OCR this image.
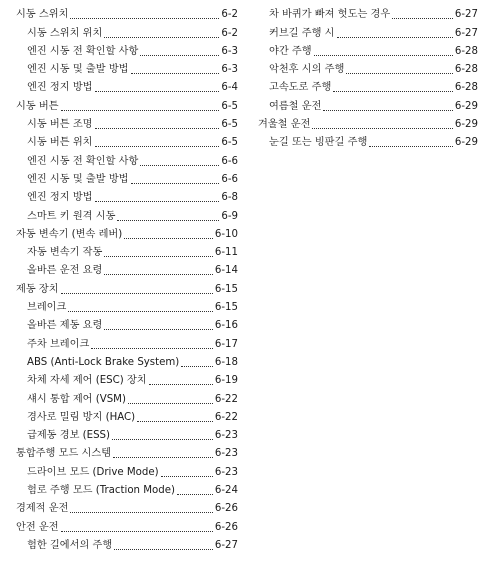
시동 스위치	6-2
시동 스위치 위치	6-2
엔진 시동 전 확인할 사항	6-3
엔진 시동 및 출발 방법	6-3
엔진 정지 방법	6-4
시동 버튼	6-5
시동 버튼 조명	6-5
시동 버튼 위치	6-5
엔진 시동 전 확인할 사항	6-6
엔진 시동 및 출발 방법	6-6
엔진 정지 방법	6-8
스마트 키 원격 시동	6-9
자동 변속기 (변속 레버)	6-10
자동 변속기 작동	6-11
올바른 운전 요령	6-14
제동 장치	6-15
브레이크	6-15
올바른 제동 요령	6-16
주차 브레이크	6-17
ABS (Anti-Lock Brake System)	6-18
차체 자세 제어 (ESC) 장치	6-19
섀시 통합 제어 (VSM)	6-22
경사로 밀림 방지 (HAC)	6-22
급제동 경보 (ESS)	6-23
통합주행 모드 시스템	6-23
드라이브 모드 (Drive Mode)	6-23
험로 주행 모드 (Traction Mode)	6-24
경제적 운전	6-26
안전 운전	6-26
험한 길에서의 주행	6-27
차 바퀴가 빠져 헛도는 경우	6-27
커브길 주행 시	6-27
야간 주행	6-28
악천후 시의 주행	6-28
고속도로 주행	6-28
여름철 운전	6-29
겨울철 운전	6-29
눈길 또는 빙판길 주행	6-29
